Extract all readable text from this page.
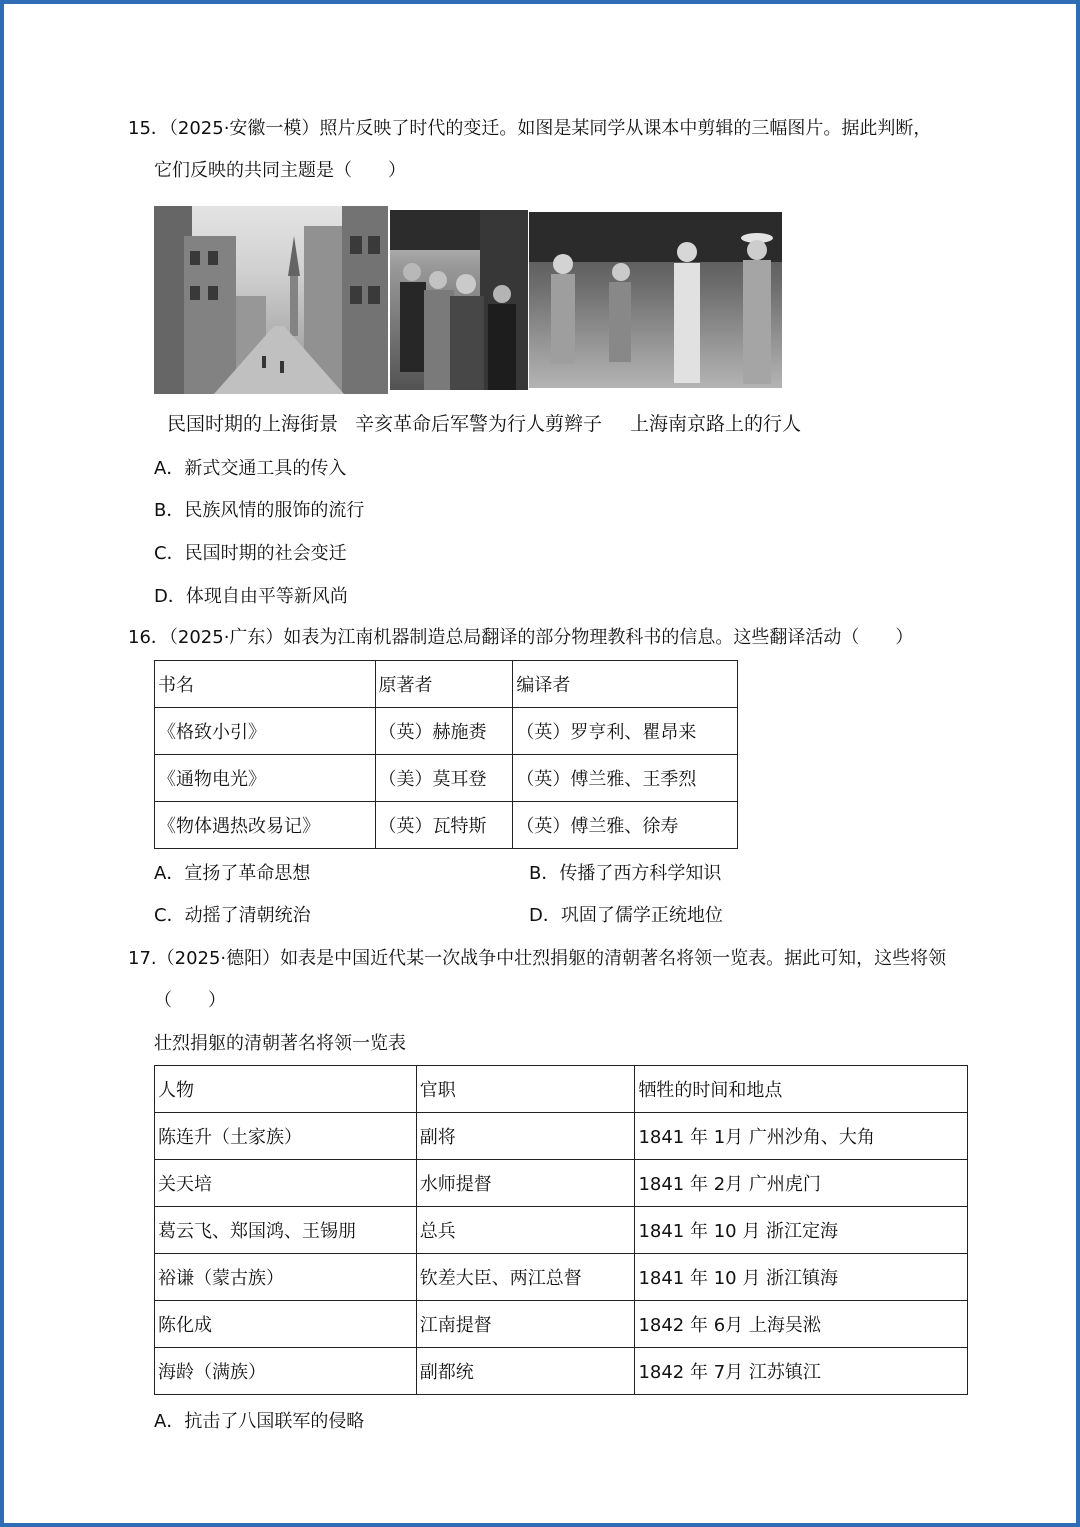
15．（2025·安徽一模）照片反映了时代的变迁。如图是某同学从课本中剪辑的三幅图片。据此判断，
它们反映的共同主题是（　　）
民国时期的上海街景 辛亥革命后军警为行人剪辫子 上海南京路上的行人
A．新式交通工具的传入
B．民族风情的服饰的流行
C．民国时期的社会变迁
D．体现自由平等新风尚
16．（2025·广东）如表为江南机器制造总局翻译的部分物理教科书的信息。这些翻译活动（　　）
书名	原著者	编译者
《格致小引》	（英）赫施赉	（英）罗亨利、瞿昂来
《通物电光》	（美）莫耳登	（英）傅兰雅、王季烈
《物体遇热改易记》	（英）瓦特斯	（英）傅兰雅、徐寿
A．宣扬了革命思想	B．传播了西方科学知识
C．动摇了清朝统治	D．巩固了儒学正统地位
17.（2025·德阳）如表是中国近代某一次战争中壮烈捐躯的清朝著名将领一览表。据此可知，这些将领
（　　）
壮烈捐躯的清朝著名将领一览表
人物	官职	牺牲的时间和地点
陈连升（土家族）	副将	1841 年 1月 广州沙角、大角
关天培	水师提督	1841 年 2月 广州虎门
葛云飞、郑国鸿、王锡朋	总兵	1841 年 10 月 浙江定海
裕谦（蒙古族）	钦差大臣、两江总督	1841 年 10 月 浙江镇海
陈化成	江南提督	1842 年 6月 上海吴淞
海龄（满族）	副都统	1842 年 7月 江苏镇江
A．抗击了八国联军的侵略
